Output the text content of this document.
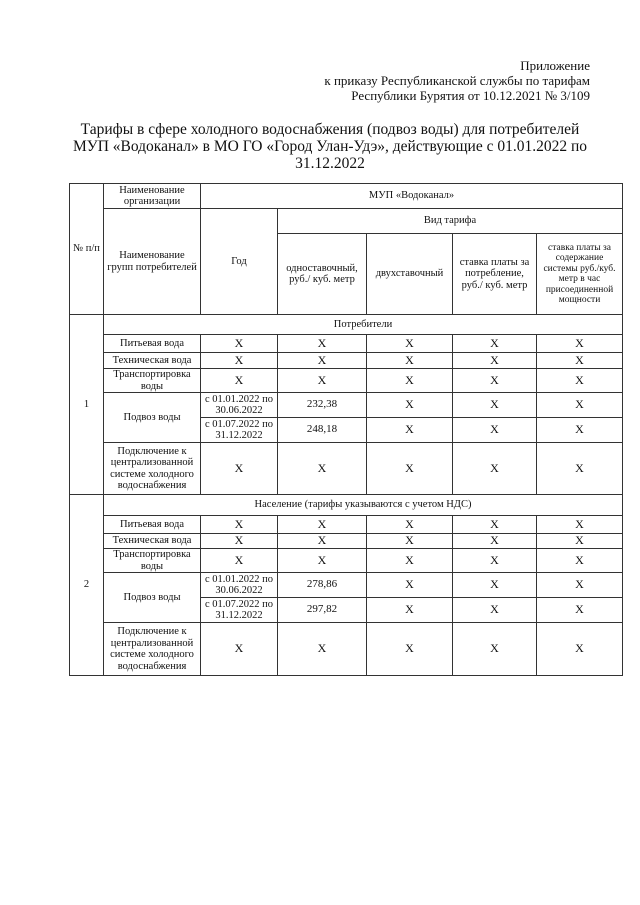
Приложение
к приказу Республиканской службы по тарифам
Республики Бурятия от 10.12.2021 № 3/109
Тарифы в сфере холодного водоснабжения (подвоз воды) для потребителей
МУП «Водоканал» в МО ГО «Город Улан-Удэ», действующие с 01.01.2022 по
31.12.2022
№ п/п	Наименование организации	МУП «Водоканал»				
	Наименование групп потребителей	Год	Вид тарифа			
			одноставочный, руб./ куб. метр	двухставочный	ставка платы за потребление, руб./ куб. метр	ставка платы за содержание системы руб./куб. метр в час присоединенной мощности
1	Потребители					
	Питьевая вода	X	X	X	X	X
	Техническая вода	X	X	X	X	X
	Транспортировка воды	X	X	X	X	X
	Подвоз воды	с 01.01.2022 по 30.06.2022	232,38	X	X	X
		с 01.07.2022 по 31.12.2022	248,18	X	X	X
	Подключение к централизованной системе холодного водоснабжения	X	X	X	X	X
2	Население (тарифы указываются с учетом НДС)					
	Питьевая вода	X	X	X	X	X
	Техническая вода	X	X	X	X	X
	Транспортировка воды	X	X	X	X	X
	Подвоз воды	с 01.01.2022 по 30.06.2022	278,86	X	X	X
		с 01.07.2022 по 31.12.2022	297,82	X	X	X
	Подключение к централизованной системе холодного водоснабжения	X	X	X	X	X
